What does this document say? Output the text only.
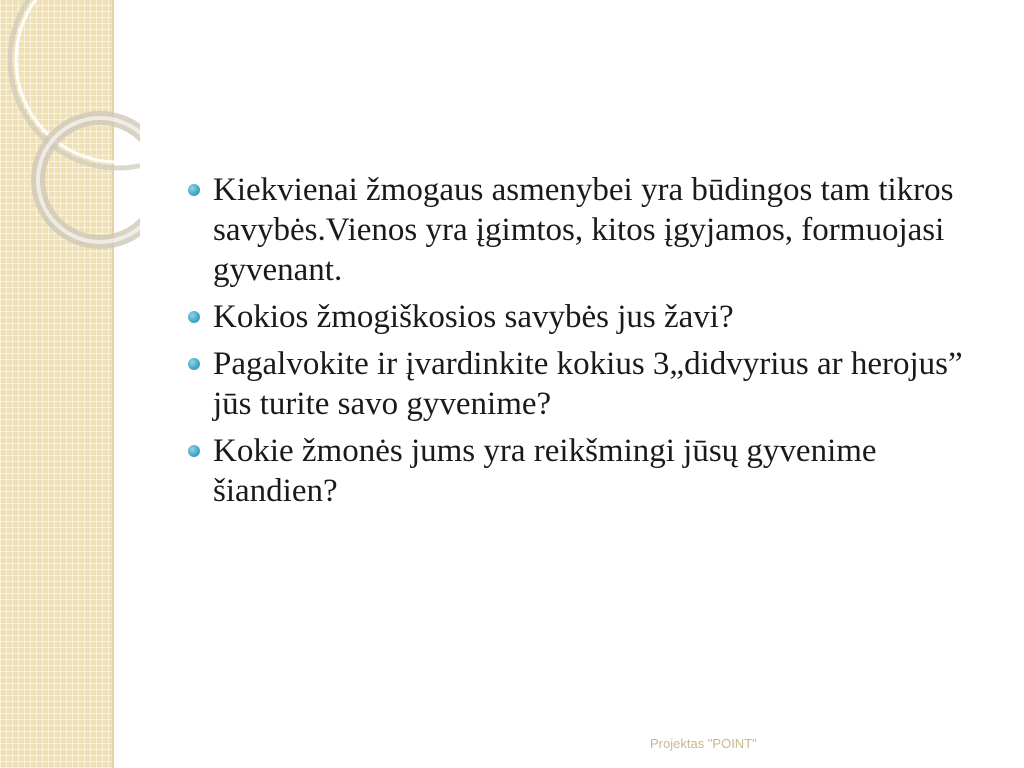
Kiekvienai žmogaus asmenybei yra būdingos tam tikros  savybės.Vienos yra įgimtos, kitos įgyjamos, formuojasi gyvenant.
Kokios žmogiškosios savybės jus žavi?
Pagalvokite ir įvardinkite kokius 3„didvyrius ar herojus” jūs turite savo gyvenime?
Kokie žmonės jums yra reikšmingi jūsų gyvenime šiandien?
Projektas "POINT"
